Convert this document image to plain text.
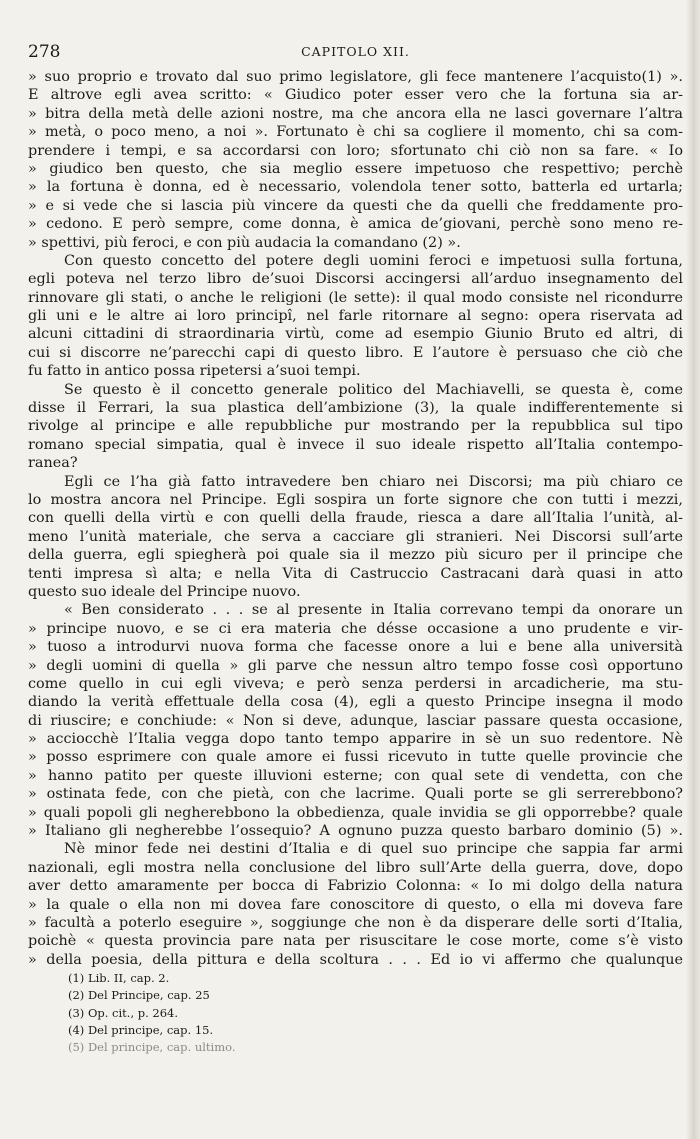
278	CAPITOLO XII.
» suo proprio e trovato dal suo primo legislatore, gli fece mantenere l’acquisto(1) ».
E altrove egli avea scritto: « Giudico poter esser vero che la fortuna sia ar-
» bitra della metà delle azioni nostre, ma che ancora ella ne lasci governare l’altra
» metà, o poco meno, a noi ». Fortunato è chi sa cogliere il momento, chi sa com-
prendere i tempi, e sa accordarsi con loro; sfortunato chi ciò non sa fare. « Io
» giudico ben questo, che sia meglio essere impetuoso che respettivo; perchè
» la fortuna è donna, ed è necessario, volendola tener sotto, batterla ed urtarla;
» e si vede che si lascia più vincere da questi che da quelli che freddamente pro-
» cedono. E però sempre, come donna, è amica de’giovani, perchè sono meno re-
» spettivi, più feroci, e con più audacia la comandano (2) ».
Con questo concetto del potere degli uomini feroci e impetuosi sulla fortuna,
egli poteva nel terzo libro de’suoi Discorsi accingersi all’arduo insegnamento del
rinnovare gli stati, o anche le religioni (le sette): il qual modo consiste nel ricondurre
gli uni e le altre ai loro principî, nel farle ritornare al segno: opera riservata ad
alcuni cittadini di straordinaria virtù, come ad esempio Giunio Bruto ed altri, di
cui si discorre ne’parecchi capi di questo libro. E l’autore è persuaso che ciò che
fu fatto in antico possa ripetersi a’suoi tempi.
Se questo è il concetto generale politico del Machiavelli, se questa è, come
disse il Ferrari, la sua plastica dell’ambizione (3), la quale indifferentemente si
rivolge al principe e alle repubbliche pur mostrando per la repubblica sul tipo
romano special simpatia, qual è invece il suo ideale rispetto all’Italia contempo-
ranea?
Egli ce l’ha già fatto intravedere ben chiaro nei Discorsi; ma più chiaro ce
lo mostra ancora nel Principe. Egli sospira un forte signore che con tutti i mezzi,
con quelli della virtù e con quelli della fraude, riesca a dare all’Italia l’unità, al-
meno l’unità materiale, che serva a cacciare gli stranieri. Nei Discorsi sull’arte
della guerra, egli spiegherà poi quale sia il mezzo più sicuro per il principe che
tenti impresa sì alta; e nella Vita di Castruccio Castracani darà quasi in atto
questo suo ideale del Principe nuovo.
« Ben considerato . . . se al presente in Italia correvano tempi da onorare un
» principe nuovo, e se ci era materia che désse occasione a uno prudente e vir-
» tuoso a introdurvi nuova forma che facesse onore a lui e bene alla università
» degli uomini di quella » gli parve che nessun altro tempo fosse così opportuno
come quello in cui egli viveva; e però senza perdersi in arcadicherie, ma stu-
diando la verità effettuale della cosa (4), egli a questo Principe insegna il modo
di riuscire; e conchiude: « Non si deve, adunque, lasciar passare questa occasione,
» acciocchè l’Italia vegga dopo tanto tempo apparire in sè un suo redentore. Nè
» posso esprimere con quale amore ei fussi ricevuto in tutte quelle provincie che
» hanno patito per queste illuvioni esterne; con qual sete di vendetta, con che
» ostinata fede, con che pietà, con che lacrime. Quali porte se gli serrerebbono?
» quali popoli gli negherebbono la obbedienza, quale invidia se gli opporrebbe? quale
» Italiano gli negherebbe l’ossequio? A ognuno puzza questo barbaro dominio (5) ».
Nè minor fede nei destini d’Italia e di quel suo principe che sappia far armi
nazionali, egli mostra nella conclusione del libro sull’Arte della guerra, dove, dopo
aver detto amaramente per bocca di Fabrizio Colonna: « Io mi dolgo della natura
» la quale o ella non mi dovea fare conoscitore di questo, o ella mi doveva fare
» facultà a poterlo eseguire », soggiunge che non è da disperare delle sorti d’Italia,
poichè « questa provincia pare nata per risuscitare le cose morte, come s’è visto
» della poesia, della pittura e della scoltura . . . Ed io vi affermo che qualunque
(1) Lib. II, cap. 2.
(2) Del Principe, cap. 25
(3) Op. cit., p. 264.
(4) Del principe, cap. 15.
(5) Del principe, cap. ultimo.
